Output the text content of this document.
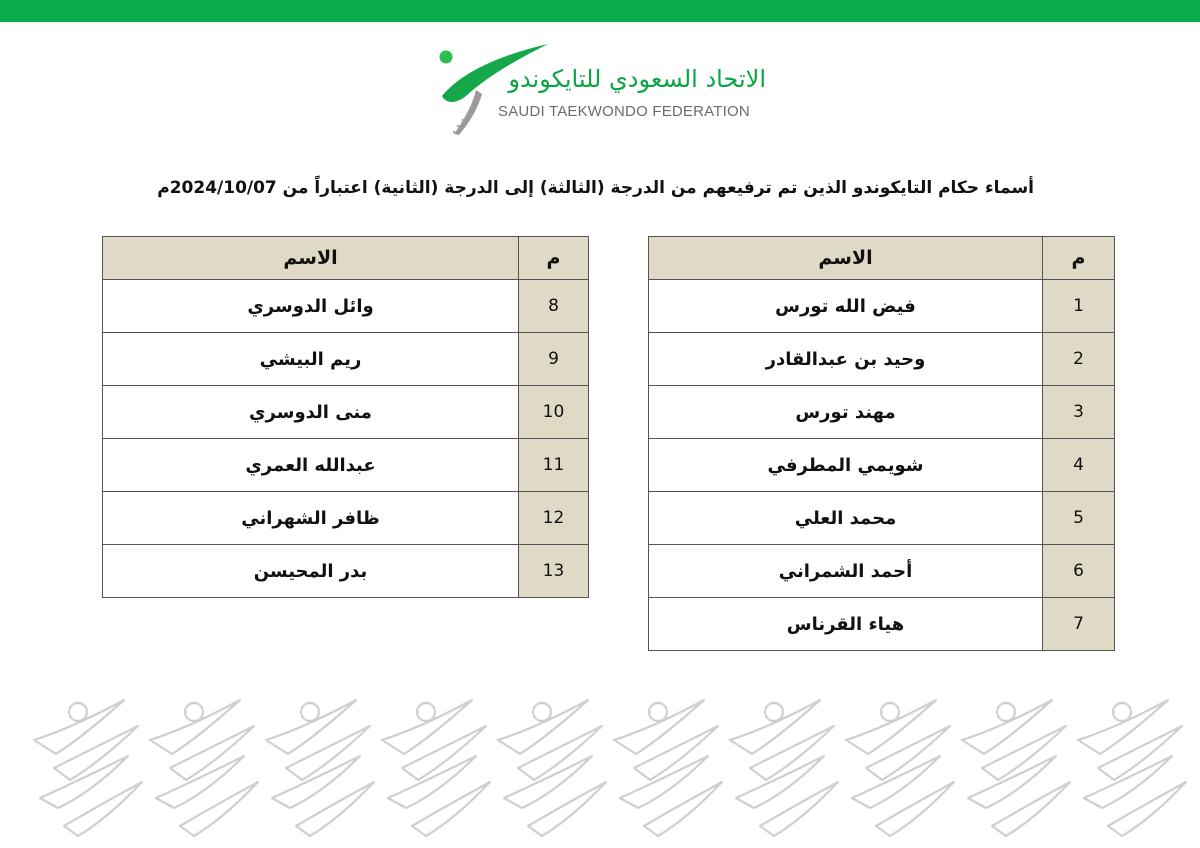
الاتحاد السعودي للتايكوندو
SAUDI TAEKWONDO FEDERATION
أسماء حكام التايكوندو الذين تم ترفيعهم من الدرجة (الثالثة) إلى الدرجة (الثانية) اعتباراً من 2024/10/07م
م	الاسم
1	فيض الله تورس
2	وحيد بن عبدالقادر
3	مهند تورس
4	شويمي المطرفي
5	محمد العلي
6	أحمد الشمراني
7	هياء القرناس
م	الاسم
8	وائل الدوسري
9	ريم البيشي
10	منى الدوسري
11	عبدالله العمري
12	ظافر الشهراني
13	بدر المحيسن
